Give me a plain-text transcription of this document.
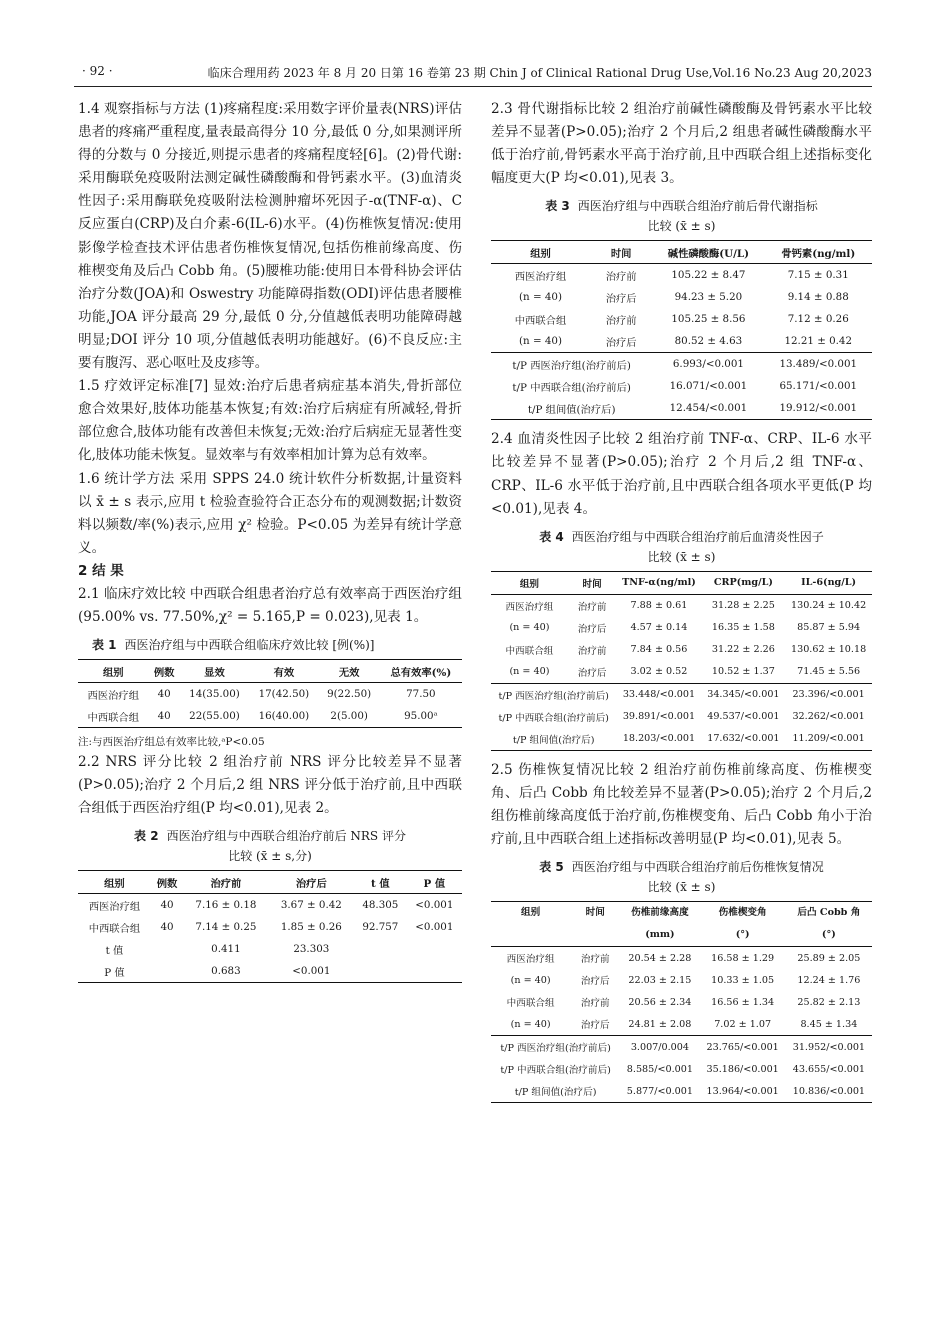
· 92 ·	临床合理用药 2023 年 8 月 20 日第 16 卷第 23 期 Chin J of Clinical Rational Drug Use,Vol.16 No.23 Aug 20,2023

1.4 观察指标与方法 (1)疼痛程度:采用数字评价量表(NRS)评估患者的疼痛严重程度,量表最高得分 10 分,最低 0 分,如果测评所得的分数与 0 分接近,则提示患者的疼痛程度轻[6]。(2)骨代谢:采用酶联免疫吸附法测定碱性磷酸酶和骨钙素水平。(3)血清炎性因子:采用酶联免疫吸附法检测肿瘤坏死因子-α(TNF-α)、C 反应蛋白(CRP)及白介素-6(IL-6)水平。(4)伤椎恢复情况:使用影像学检查技术评估患者伤椎恢复情况,包括伤椎前缘高度、伤椎楔变角及后凸 Cobb 角。(5)腰椎功能:使用日本骨科协会评估治疗分数(JOA)和 Oswestry 功能障碍指数(ODI)评估患者腰椎功能,JOA 评分最高 29 分,最低 0 分,分值越低表明功能障碍越明显;DOI 评分 10 项,分值越低表明功能越好。(6)不良反应:主要有腹泻、恶心呕吐及皮疹等。

1.5 疗效评定标准[7] 显效:治疗后患者病症基本消失,骨折部位愈合效果好,肢体功能基本恢复;有效:治疗后病症有所减轻,骨折部位愈合,肢体功能有改善但未恢复;无效:治疗后病症无显著性变化,肢体功能未恢复。显效率与有效率相加计算为总有效率。

1.6 统计学方法 采用 SPPS 24.0 统计软件分析数据,计量资料以 x̄ ± s 表示,应用 t 检验查验符合正态分布的观测数据;计数资料以频数/率(%)表示,应用 χ² 检验。P<0.05 为差异有统计学意义。

2 结 果

2.1 临床疗效比较 中西联合组患者治疗总有效率高于西医治疗组(95.00% vs. 77.50%,χ² = 5.165,P = 0.023),见表 1。

表 1 西医治疗组与中西联合组临床疗效比较 [例(%)]
组别	例数	显效	有效	无效	总有效率(%)
西医治疗组	40	14(35.00)	17(42.50)	9(22.50)	77.50
中西联合组	40	22(55.00)	16(40.00)	2(5.00)	95.00ᵃ
注:与西医治疗组总有效率比较,ᵃP<0.05

2.2 NRS 评分比较 2 组治疗前 NRS 评分比较差异不显著(P>0.05);治疗 2 个月后,2 组 NRS 评分低于治疗前,且中西联合组低于西医治疗组(P 均<0.01),见表 2。

表 2 西医治疗组与中西联合组治疗前后 NRS 评分
比较 (x̄ ± s,分)
组别	例数	治疗前	治疗后	t 值	P 值
西医治疗组	40	7.16 ± 0.18	3.67 ± 0.42	48.305	<0.001
中西联合组	40	7.14 ± 0.25	1.85 ± 0.26	92.757	<0.001
t 值		0.411	23.303		
P 值		0.683	<0.001		

2.3 骨代谢指标比较 2 组治疗前碱性磷酸酶及骨钙素水平比较差异不显著(P>0.05);治疗 2 个月后,2 组患者碱性磷酸酶水平低于治疗前,骨钙素水平高于治疗前,且中西联合组上述指标变化幅度更大(P 均<0.01),见表 3。

表 3 西医治疗组与中西联合组治疗前后骨代谢指标
比较 (x̄ ± s)
组别	时间	碱性磷酸酶(U/L)	骨钙素(ng/ml)
西医治疗组	治疗前	105.22 ± 8.47	7.15 ± 0.31
(n = 40)	治疗后	94.23 ± 5.20	9.14 ± 0.88
中西联合组	治疗前	105.25 ± 8.56	7.12 ± 0.26
(n = 40)	治疗后	80.52 ± 4.63	12.21 ± 0.42
t/P 西医治疗组(治疗前后)		6.993/<0.001	13.489/<0.001
t/P 中西联合组(治疗前后)		16.071/<0.001	65.171/<0.001
t/P 组间值(治疗后)		12.454/<0.001	19.912/<0.001

2.4 血清炎性因子比较 2 组治疗前 TNF-α、CRP、IL-6 水平比较差异不显著(P>0.05);治疗 2 个月后,2 组 TNF-α、CRP、IL-6 水平低于治疗前,且中西联合组各项水平更低(P 均<0.01),见表 4。

表 4 西医治疗组与中西联合组治疗前后血清炎性因子
比较 (x̄ ± s)
组别	时间	TNF-α(ng/ml)	CRP(mg/L)	IL-6(ng/L)
西医治疗组	治疗前	7.88 ± 0.61	31.28 ± 2.25	130.24 ± 10.42
(n = 40)	治疗后	4.57 ± 0.14	16.35 ± 1.58	85.87 ± 5.94
中西联合组	治疗前	7.84 ± 0.56	31.22 ± 2.26	130.62 ± 10.18
(n = 40)	治疗后	3.02 ± 0.52	10.52 ± 1.37	71.45 ± 5.56
t/P 西医治疗组(治疗前后)		33.448/<0.001	34.345/<0.001	23.396/<0.001
t/P 中西联合组(治疗前后)		39.891/<0.001	49.537/<0.001	32.262/<0.001
t/P 组间值(治疗后)		18.203/<0.001	17.632/<0.001	11.209/<0.001

2.5 伤椎恢复情况比较 2 组治疗前伤椎前缘高度、伤椎楔变角、后凸 Cobb 角比较差异不显著(P>0.05);治疗 2 个月后,2 组伤椎前缘高度低于治疗前,伤椎楔变角、后凸 Cobb 角小于治疗前,且中西联合组上述指标改善明显(P 均<0.01),见表 5。

表 5 西医治疗组与中西联合组治疗前后伤椎恢复情况
比较 (x̄ ± s)
组别	时间	伤椎前缘高度	伤椎楔变角	后凸 Cobb 角
		(mm)	(°)	(°)
西医治疗组	治疗前	20.54 ± 2.28	16.58 ± 1.29	25.89 ± 2.05
(n = 40)	治疗后	22.03 ± 2.15	10.33 ± 1.05	12.24 ± 1.76
中西联合组	治疗前	20.56 ± 2.34	16.56 ± 1.34	25.82 ± 2.13
(n = 40)	治疗后	24.81 ± 2.08	7.02 ± 1.07	8.45 ± 1.34
t/P 西医治疗组(治疗前后)		3.007/0.004	23.765/<0.001	31.952/<0.001
t/P 中西联合组(治疗前后)		8.585/<0.001	35.186/<0.001	43.655/<0.001
t/P 组间值(治疗后)		5.877/<0.001	13.964/<0.001	10.836/<0.001
